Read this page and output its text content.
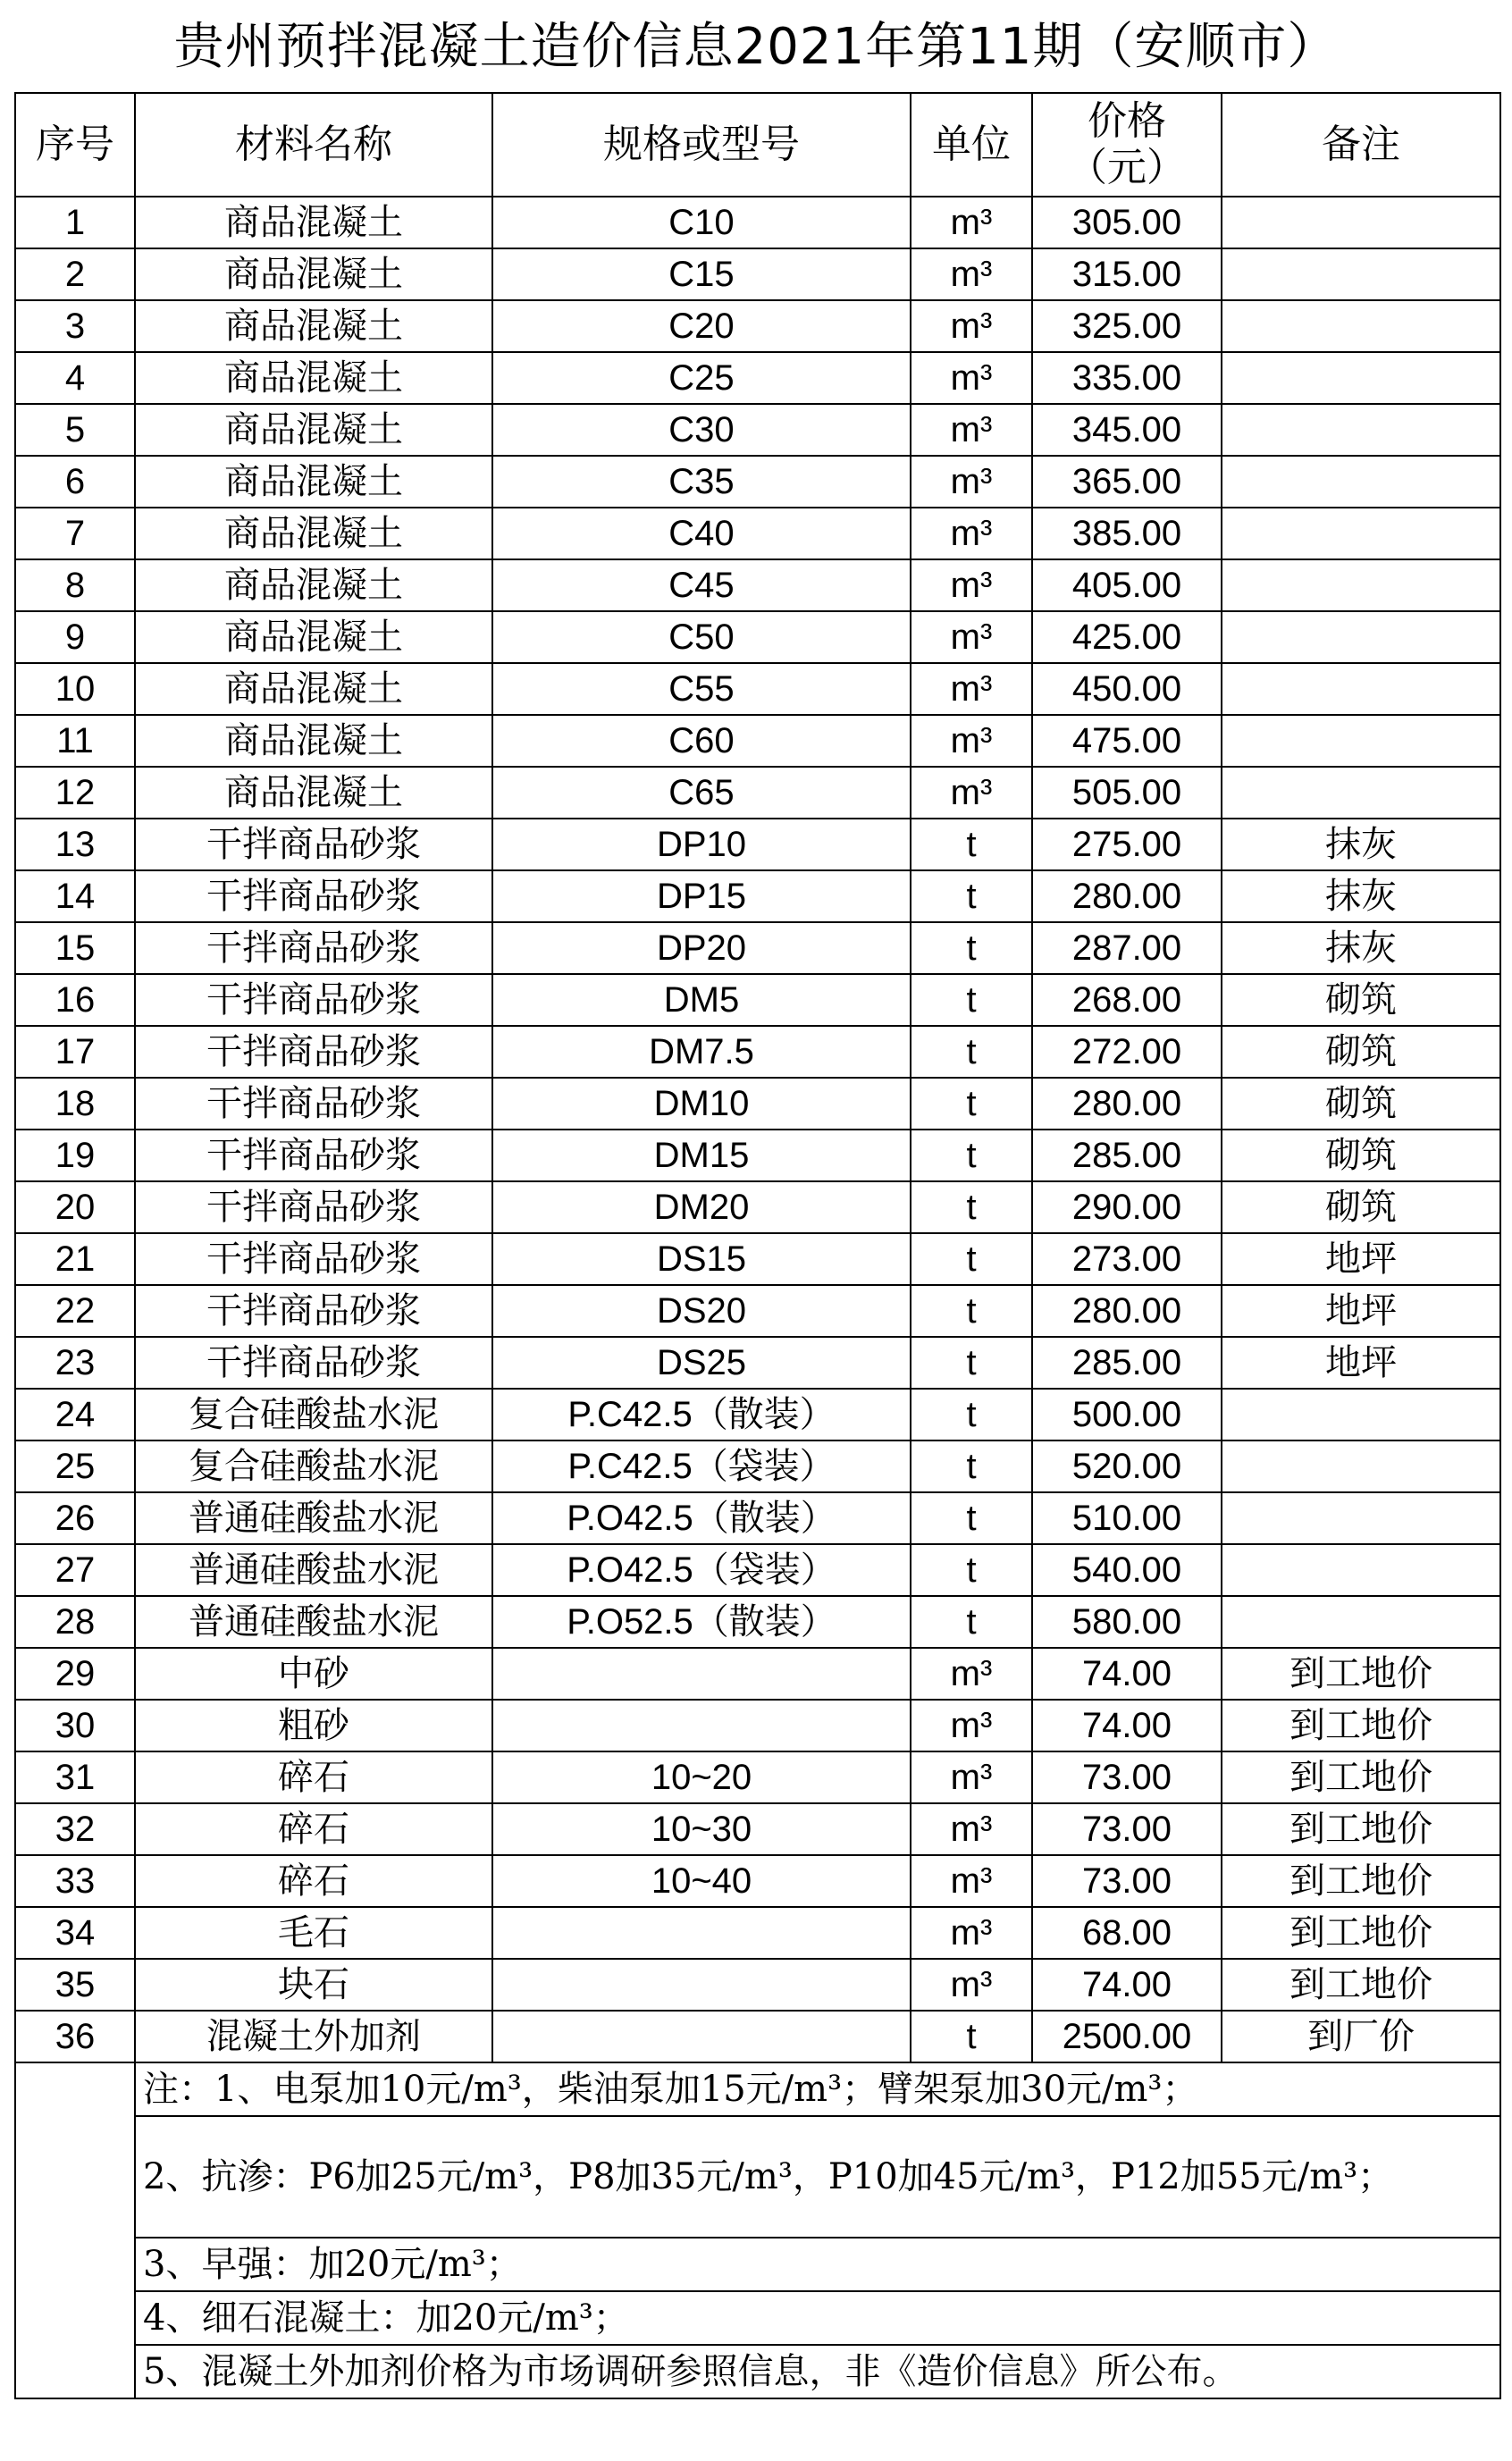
贵州预拌混凝土造价信息2021年第11期（安顺市）
序号	材料名称	规格或型号	单位	价格（元）	备注
1	商品混凝土	C10	m³	305.00	
2	商品混凝土	C15	m³	315.00	
3	商品混凝土	C20	m³	325.00	
4	商品混凝土	C25	m³	335.00	
5	商品混凝土	C30	m³	345.00	
6	商品混凝土	C35	m³	365.00	
7	商品混凝土	C40	m³	385.00	
8	商品混凝土	C45	m³	405.00	
9	商品混凝土	C50	m³	425.00	
10	商品混凝土	C55	m³	450.00	
11	商品混凝土	C60	m³	475.00	
12	商品混凝土	C65	m³	505.00	
13	干拌商品砂浆	DP10	t	275.00	抹灰
14	干拌商品砂浆	DP15	t	280.00	抹灰
15	干拌商品砂浆	DP20	t	287.00	抹灰
16	干拌商品砂浆	DM5	t	268.00	砌筑
17	干拌商品砂浆	DM7.5	t	272.00	砌筑
18	干拌商品砂浆	DM10	t	280.00	砌筑
19	干拌商品砂浆	DM15	t	285.00	砌筑
20	干拌商品砂浆	DM20	t	290.00	砌筑
21	干拌商品砂浆	DS15	t	273.00	地坪
22	干拌商品砂浆	DS20	t	280.00	地坪
23	干拌商品砂浆	DS25	t	285.00	地坪
24	复合硅酸盐水泥	P.C42.5（散装）	t	500.00	
25	复合硅酸盐水泥	P.C42.5（袋装）	t	520.00	
26	普通硅酸盐水泥	P.O42.5（散装）	t	510.00	
27	普通硅酸盐水泥	P.O42.5（袋装）	t	540.00	
28	普通硅酸盐水泥	P.O52.5（散装）	t	580.00	
29	中砂		m³	74.00	到工地价
30	粗砂		m³	74.00	到工地价
31	碎石	10~20	m³	73.00	到工地价
32	碎石	10~30	m³	73.00	到工地价
33	碎石	10~40	m³	73.00	到工地价
34	毛石		m³	68.00	到工地价
35	块石		m³	74.00	到工地价
36	混凝土外加剂		t	2500.00	到厂价
	注：1、电泵加10元/m³，柴油泵加15元/m³；臂架泵加30元/m³；				
	2、抗渗：P6加25元/m³，P8加35元/m³，P10加45元/m³，P12加55元/m³；				
	3、早强：加20元/m³；				
	4、细石混凝土：加20元/m³；				
	5、混凝土外加剂价格为市场调研参照信息，非《造价信息》所公布。				
